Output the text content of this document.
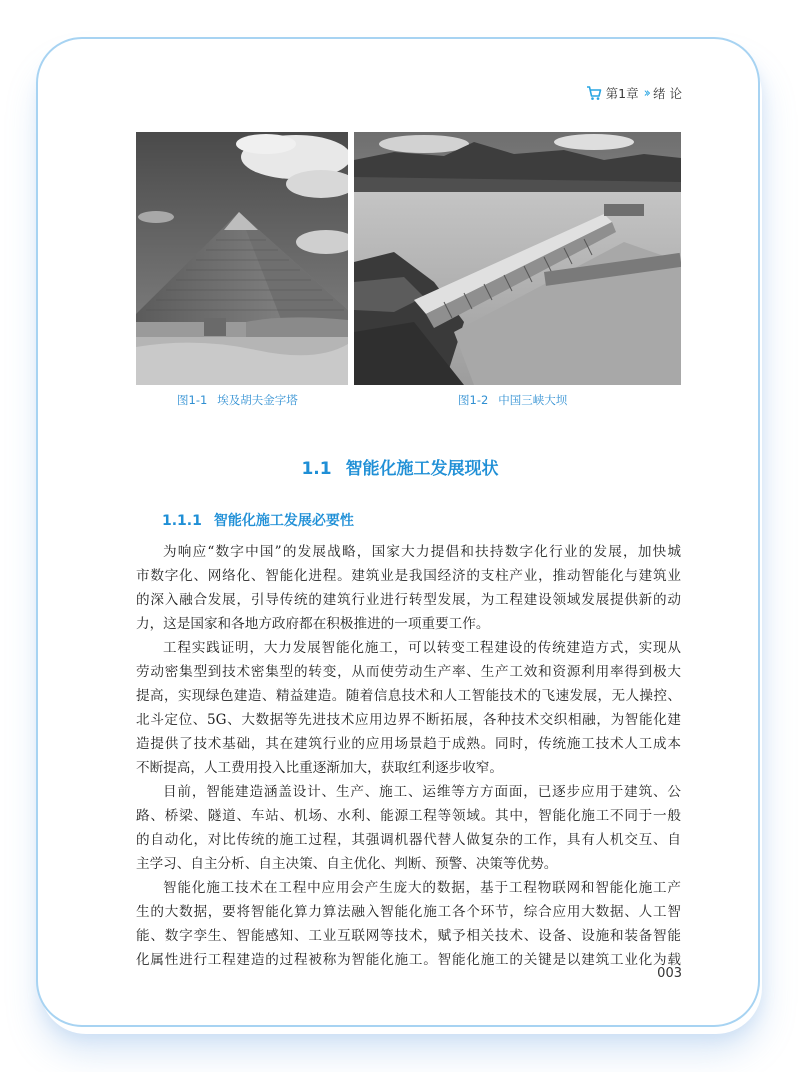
第1章 ›› 绪 论
图1-1 埃及胡夫金字塔	图1-2 中国三峡大坝
1.1 智能化施工发展现状
1.1.1 智能化施工发展必要性
为响应“数字中国”的发展战略，国家大力提倡和扶持数字化行业的发展，加快城
市数字化、网络化、智能化进程。建筑业是我国经济的支柱产业，推动智能化与建筑业
的深入融合发展，引导传统的建筑行业进行转型发展，为工程建设领域发展提供新的动
力，这是国家和各地方政府都在积极推进的一项重要工作。
工程实践证明，大力发展智能化施工，可以转变工程建设的传统建造方式，实现从
劳动密集型到技术密集型的转变，从而使劳动生产率、生产工效和资源利用率得到极大
提高，实现绿色建造、精益建造。随着信息技术和人工智能技术的飞速发展，无人操控、
北斗定位、5G、大数据等先进技术应用边界不断拓展，各种技术交织相融，为智能化建
造提供了技术基础，其在建筑行业的应用场景趋于成熟。同时，传统施工技术人工成本
不断提高，人工费用投入比重逐渐加大，获取红利逐步收窄。
目前，智能建造涵盖设计、生产、施工、运维等方方面面，已逐步应用于建筑、公
路、桥梁、隧道、车站、机场、水利、能源工程等领域。其中，智能化施工不同于一般
的自动化，对比传统的施工过程，其强调机器代替人做复杂的工作，具有人机交互、自
主学习、自主分析、自主决策、自主优化、判断、预警、决策等优势。
智能化施工技术在工程中应用会产生庞大的数据，基于工程物联网和智能化施工产
生的大数据，要将智能化算力算法融入智能化施工各个环节，综合应用大数据、人工智
能、数字孪生、智能感知、工业互联网等技术，赋予相关技术、设备、设施和装备智能
化属性进行工程建造的过程被称为智能化施工。智能化施工的关键是以建筑工业化为载
003
